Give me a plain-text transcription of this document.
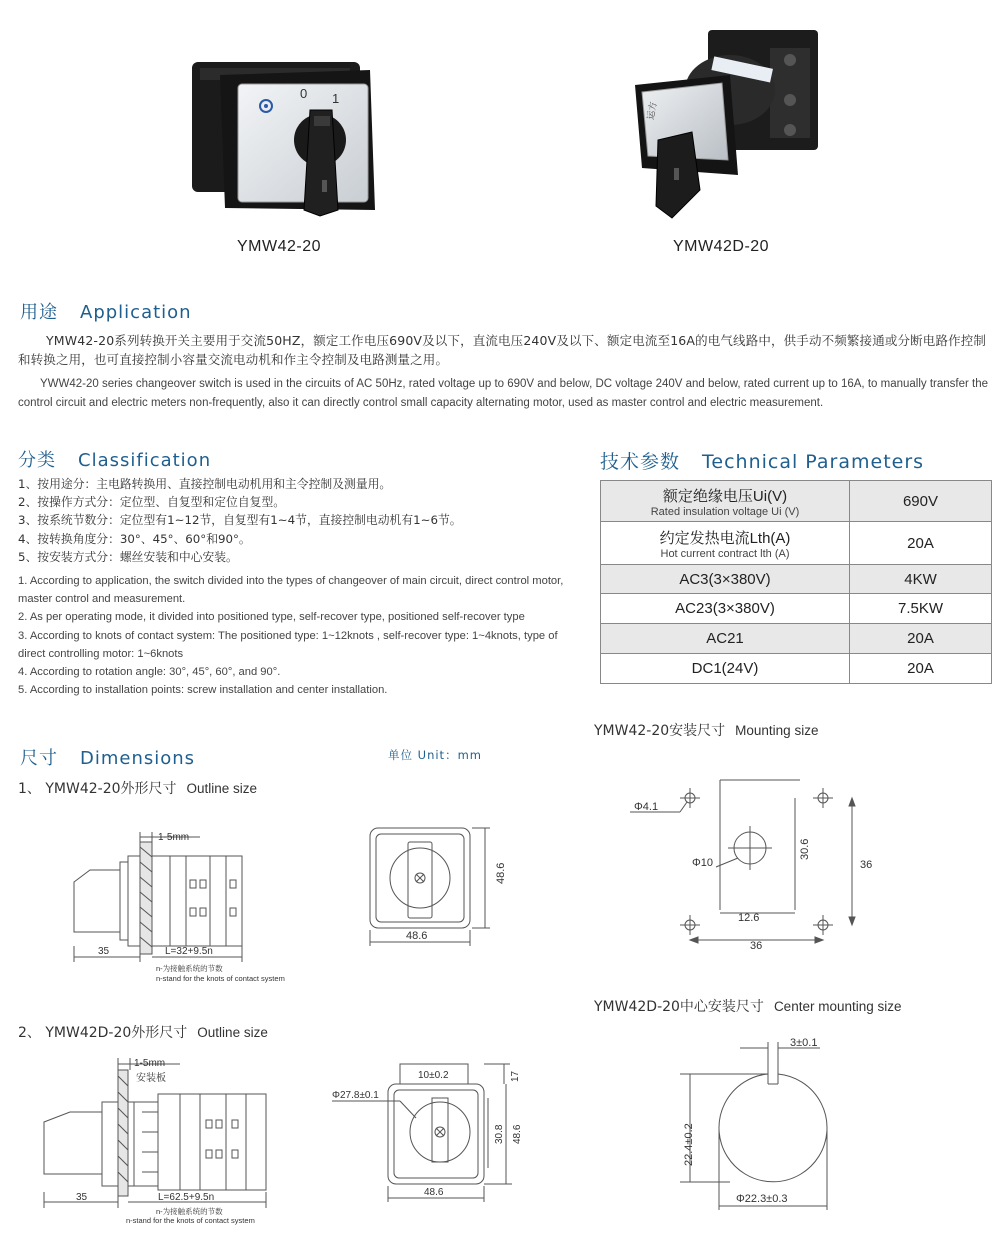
0 1
YMW42-20
运方
YMW42D-20
用途 Application
YMW42-20系列转换开关主要用于交流50HZ，额定工作电压690V及以下，直流电压240V及以下、额定电流至16A的电气线路中，供手动不频繁接通或分断电路作控制和转换之用，也可直接控制小容量交流电动机和作主令控制及电路测量之用。
YWW42-20 series changeover switch is used in the circuits of AC 50Hz, rated voltage up to 690V and below, DC voltage 240V and below, rated current up to 16A, to manually transfer the control circuit and electric meters non-frequently, also it can directly control small capacity alternating motor, used as master control and electric measurement.
分类 Classification
1、按用途分：主电路转换用、直接控制电动机用和主令控制及测量用。
2、按操作方式分：定位型、自复型和定位自复型。
3、按系统节数分：定位型有1~12节，自复型有1~4节，直接控制电动机有1~6节。
4、按转换角度分：30°、45°、60°和90°。
5、按安装方式分：螺丝安装和中心安装。
1. According to application, the switch divided into the types of changeover of main circuit, direct control motor, master control and measurement.
2. As per operating mode, it divided into positioned type, self-recover type, positioned self-recover type
3. According to knots of contact system: The positioned type: 1~12knots , self-recover type: 1~4knots, type of direct controlling motor: 1~6knots
4. According to rotation angle: 30°, 45°, 60°, and 90°.
5. According to installation points: screw installation and center installation.
技术参数 Technical Parameters
额定绝缘电压Ui(V)
Rated insulation voltage Ui (V)	690V

约定发热电流Lth(A)
Hot current contract lth (A)	20A

AC3(3×380V)	4KW

AC23(3×380V)	7.5KW

AC21	20A

DC1(24V)	20A
尺寸 Dimensions	单位 Unit：mm
1、 YMW42-20外形尺寸 Outline size
YMW42-20安装尺寸 Mounting size
YMW42D-20中心安装尺寸 Center mounting size
2、 YMW42D-20外形尺寸 Outline size
1-5mm
35	L=32+9.5n
n-为接触系统的节数
n-stand for the knots of contact system
48.6
48.6
Φ4.1
Φ10
30.6
36
12.6
36
1-5mm
安装板
35	L=62.5+9.5n
n-为接触系统的节数
n-stand for the knots of contact system
10±0.2
Φ27.8±0.1
17
30.8 48.6
48.6
3±0.1
22.4±0.2
Φ22.3±0.3
